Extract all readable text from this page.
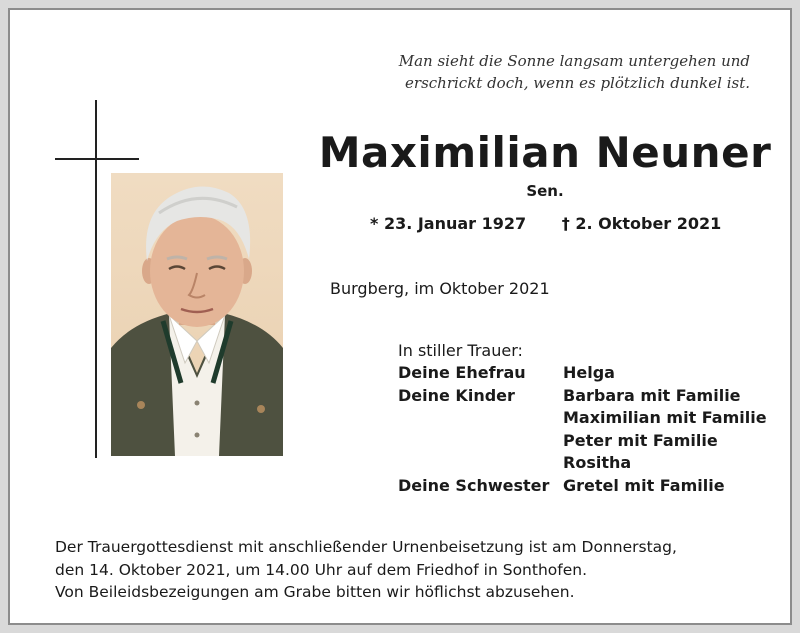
Man sieht die Sonne langsam untergehen und
erschrickt doch, wenn es plötzlich dunkel ist.
Maximilian Neuner
Sen.
* 23. Januar 1927 † 2. Oktober 2021
Burgberg, im Oktober 2021
In stiller Trauer:
Deine Ehefrau	Helga
Deine Kinder	Barbara mit Familie
Maximilian mit Familie
Peter mit Familie
Rositha
Deine Schwester Gretel mit Familie
Der Trauergottesdienst mit anschließender Urnenbeisetzung ist am Donnerstag,
den 14. Oktober 2021, um 14.00 Uhr auf dem Friedhof in Sonthofen.
Von Beileidsbezeigungen am Grabe bitten wir höflichst abzusehen.
